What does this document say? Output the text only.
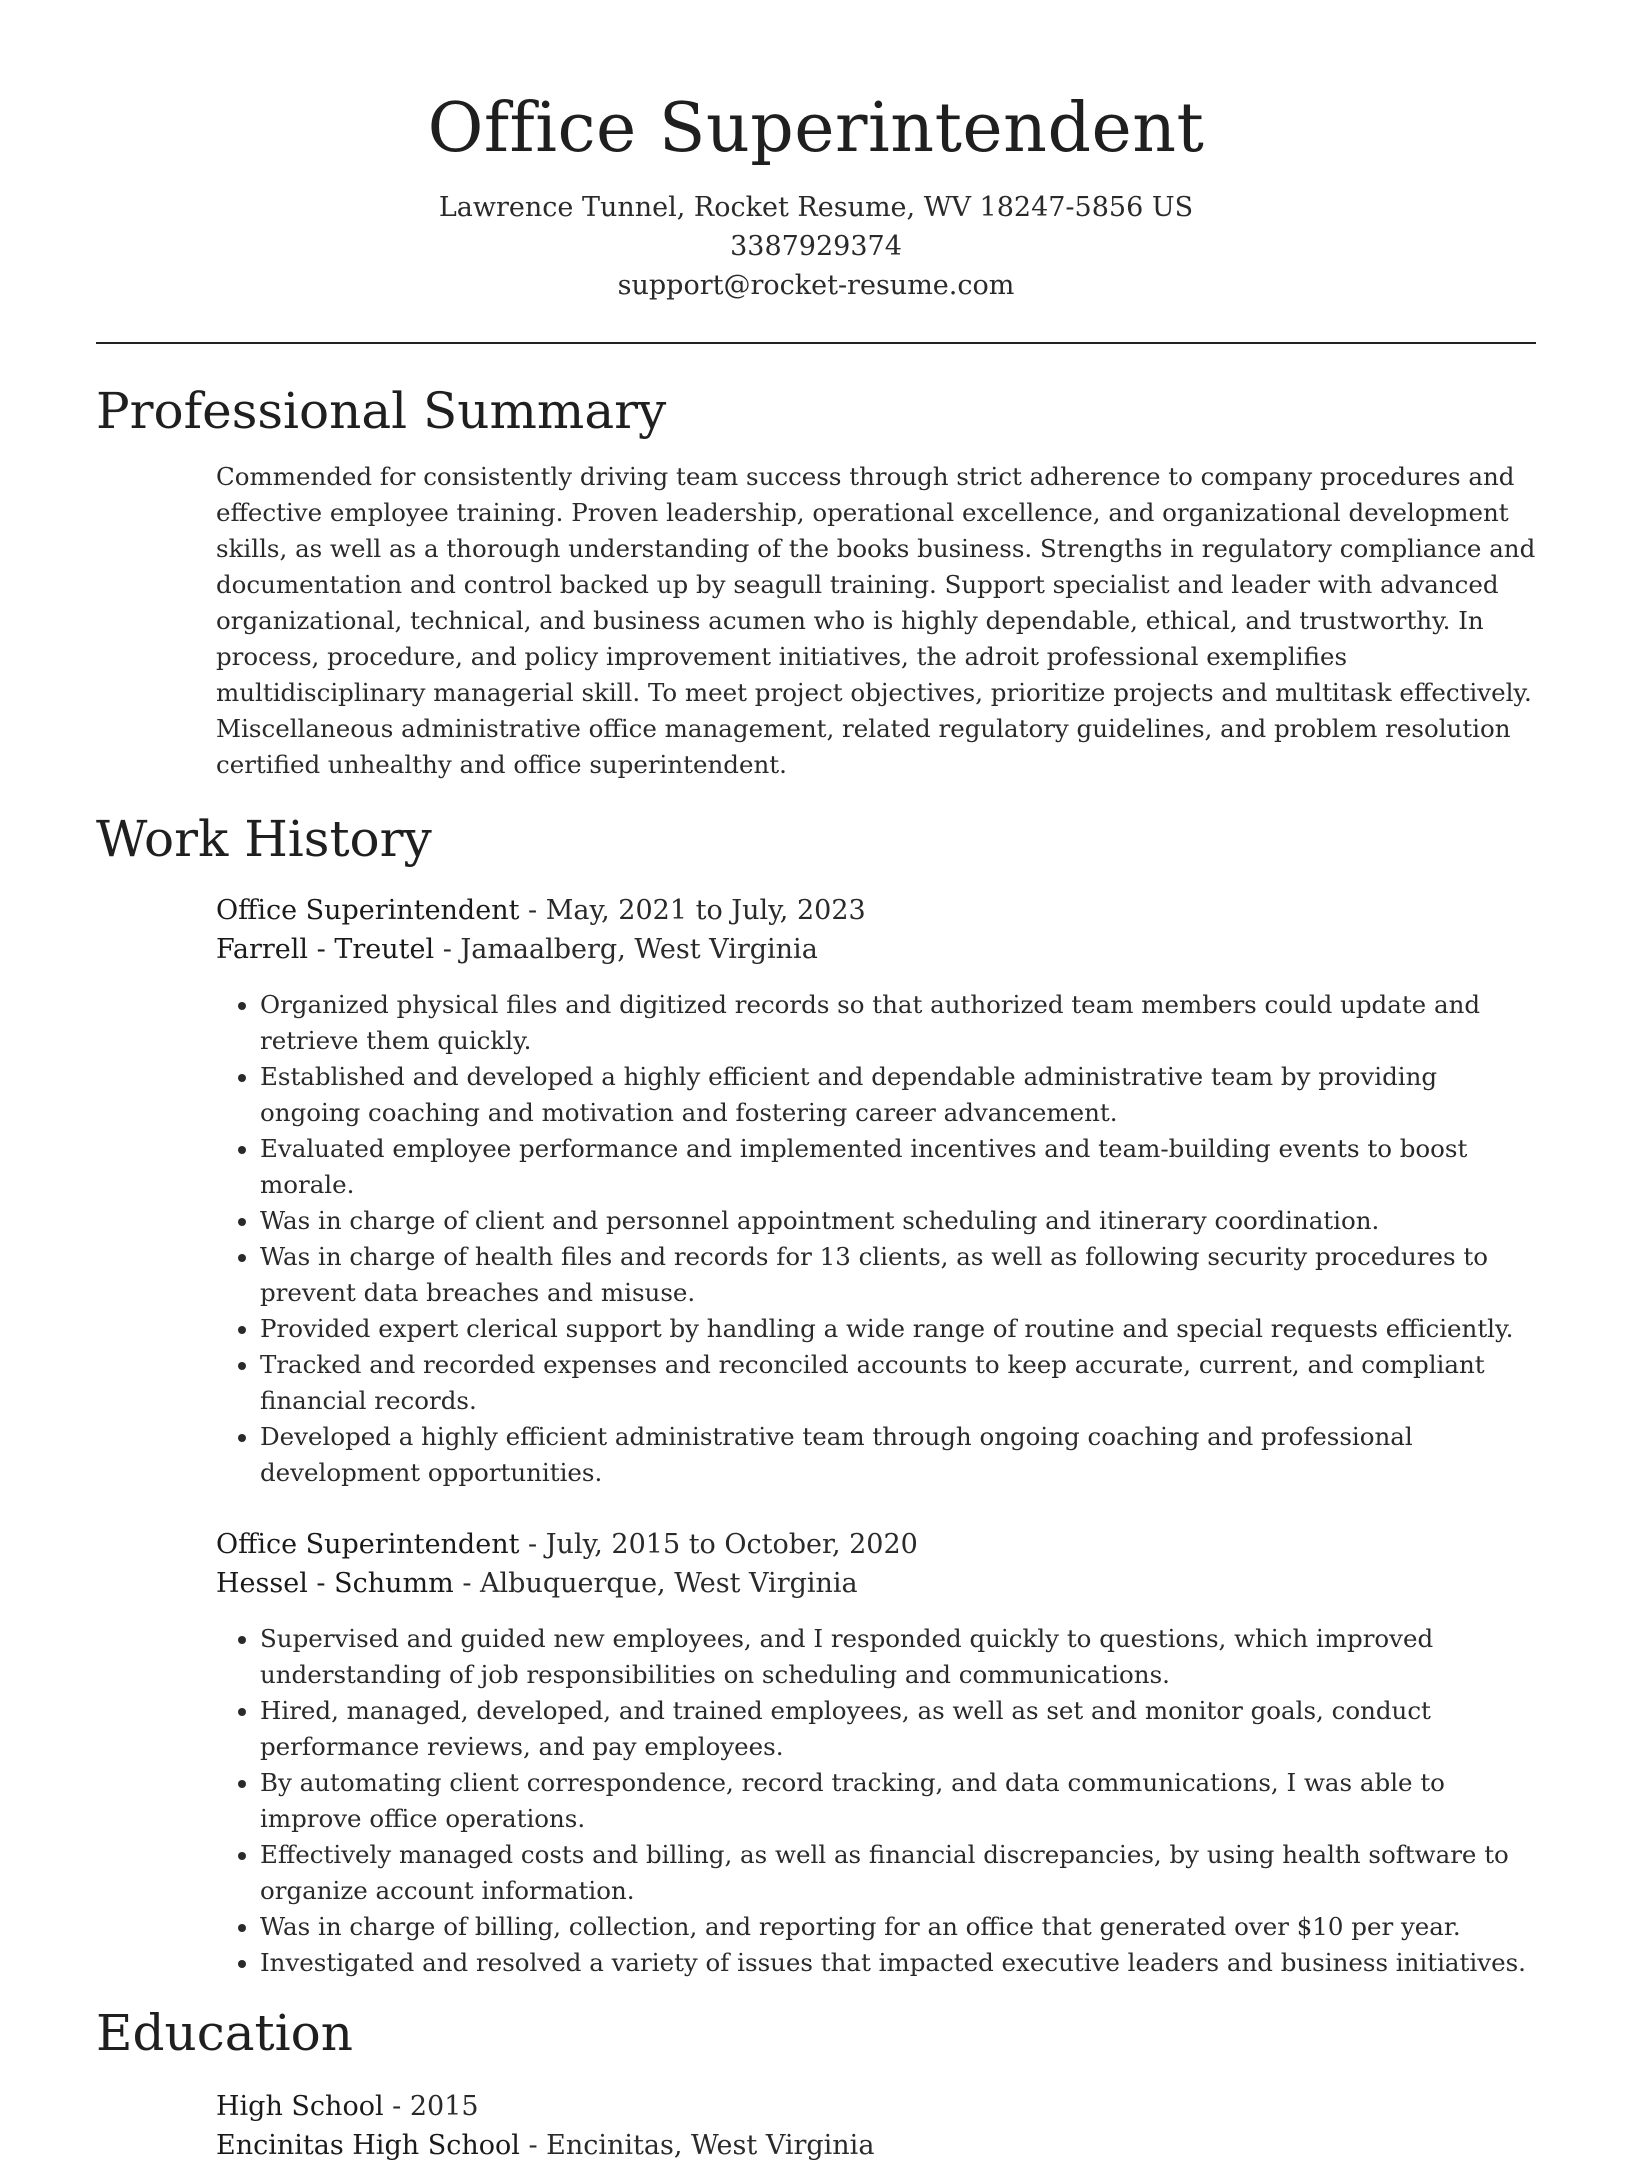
Office Superintendent
Lawrence Tunnel, Rocket Resume, WV 18247-5856 US
3387929374
support@rocket-resume.com
Professional Summary
Commended for consistently driving team success through strict adherence to company procedures and effective employee training. Proven leadership, operational excellence, and organizational development skills, as well as a thorough understanding of the books business. Strengths in regulatory compliance and documentation and control backed up by seagull training. Support specialist and leader with advanced organizational, technical, and business acumen who is highly dependable, ethical, and trustworthy. In process, procedure, and policy improvement initiatives, the adroit professional exemplifies multidisciplinary managerial skill. To meet project objectives, prioritize projects and multitask effectively. Miscellaneous administrative office management, related regulatory guidelines, and problem resolution certified unhealthy and office superintendent.
Work History
Office Superintendent - May, 2021 to July, 2023
Farrell - Treutel - Jamaalberg, West Virginia
• Organized physical files and digitized records so that authorized team members could update and retrieve them quickly.
• Established and developed a highly efficient and dependable administrative team by providing ongoing coaching and motivation and fostering career advancement.
• Evaluated employee performance and implemented incentives and team-building events to boost morale.
• Was in charge of client and personnel appointment scheduling and itinerary coordination.
• Was in charge of health files and records for 13 clients, as well as following security procedures to prevent data breaches and misuse.
• Provided expert clerical support by handling a wide range of routine and special requests efficiently.
• Tracked and recorded expenses and reconciled accounts to keep accurate, current, and compliant financial records.
• Developed a highly efficient administrative team through ongoing coaching and professional development opportunities.
Office Superintendent - July, 2015 to October, 2020
Hessel - Schumm - Albuquerque, West Virginia
• Supervised and guided new employees, and I responded quickly to questions, which improved understanding of job responsibilities on scheduling and communications.
• Hired, managed, developed, and trained employees, as well as set and monitor goals, conduct performance reviews, and pay employees.
• By automating client correspondence, record tracking, and data communications, I was able to improve office operations.
• Effectively managed costs and billing, as well as financial discrepancies, by using health software to organize account information.
• Was in charge of billing, collection, and reporting for an office that generated over $10 per year.
• Investigated and resolved a variety of issues that impacted executive leaders and business initiatives.
Education
High School - 2015
Encinitas High School - Encinitas, West Virginia
